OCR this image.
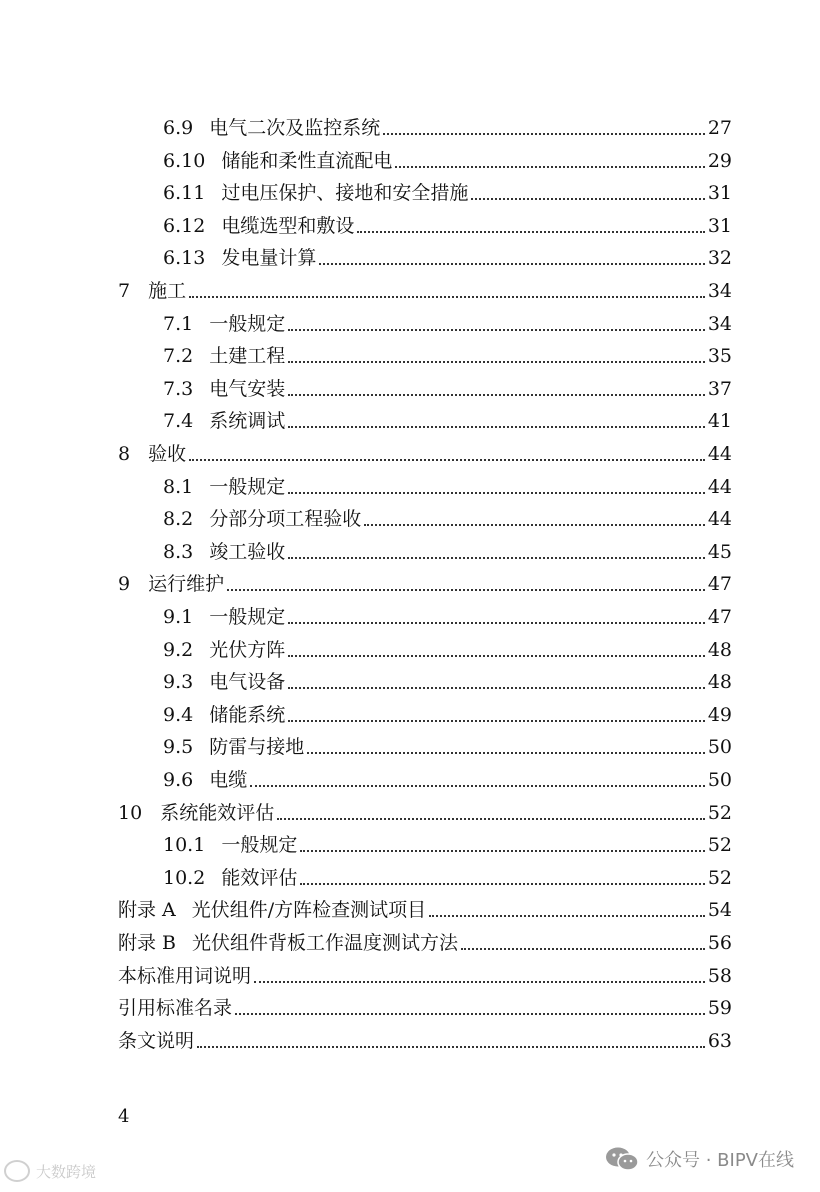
6.9 电气二次及监控系统	27
6.10 储能和柔性直流配电	29
6.11 过电压保护、接地和安全措施	31
6.12 电缆选型和敷设	31
6.13 发电量计算	32
7 施工	34
7.1 一般规定	34
7.2 土建工程	35
7.3 电气安装	37
7.4 系统调试	41
8 验收	44
8.1 一般规定	44
8.2 分部分项工程验收	44
8.3 竣工验收	45
9 运行维护	47
9.1 一般规定	47
9.2 光伏方阵	48
9.3 电气设备	48
9.4 储能系统	49
9.5 防雷与接地	50
9.6 电缆	50
10 系统能效评估	52
10.1 一般规定	52
10.2 能效评估	52
附录 A 光伏组件/方阵检查测试项目	54
附录 B 光伏组件背板工作温度测试方法	56
本标准用词说明	58
引用标准名录	59
条文说明	63
4
大数跨境
公众号 · BIPV在线
